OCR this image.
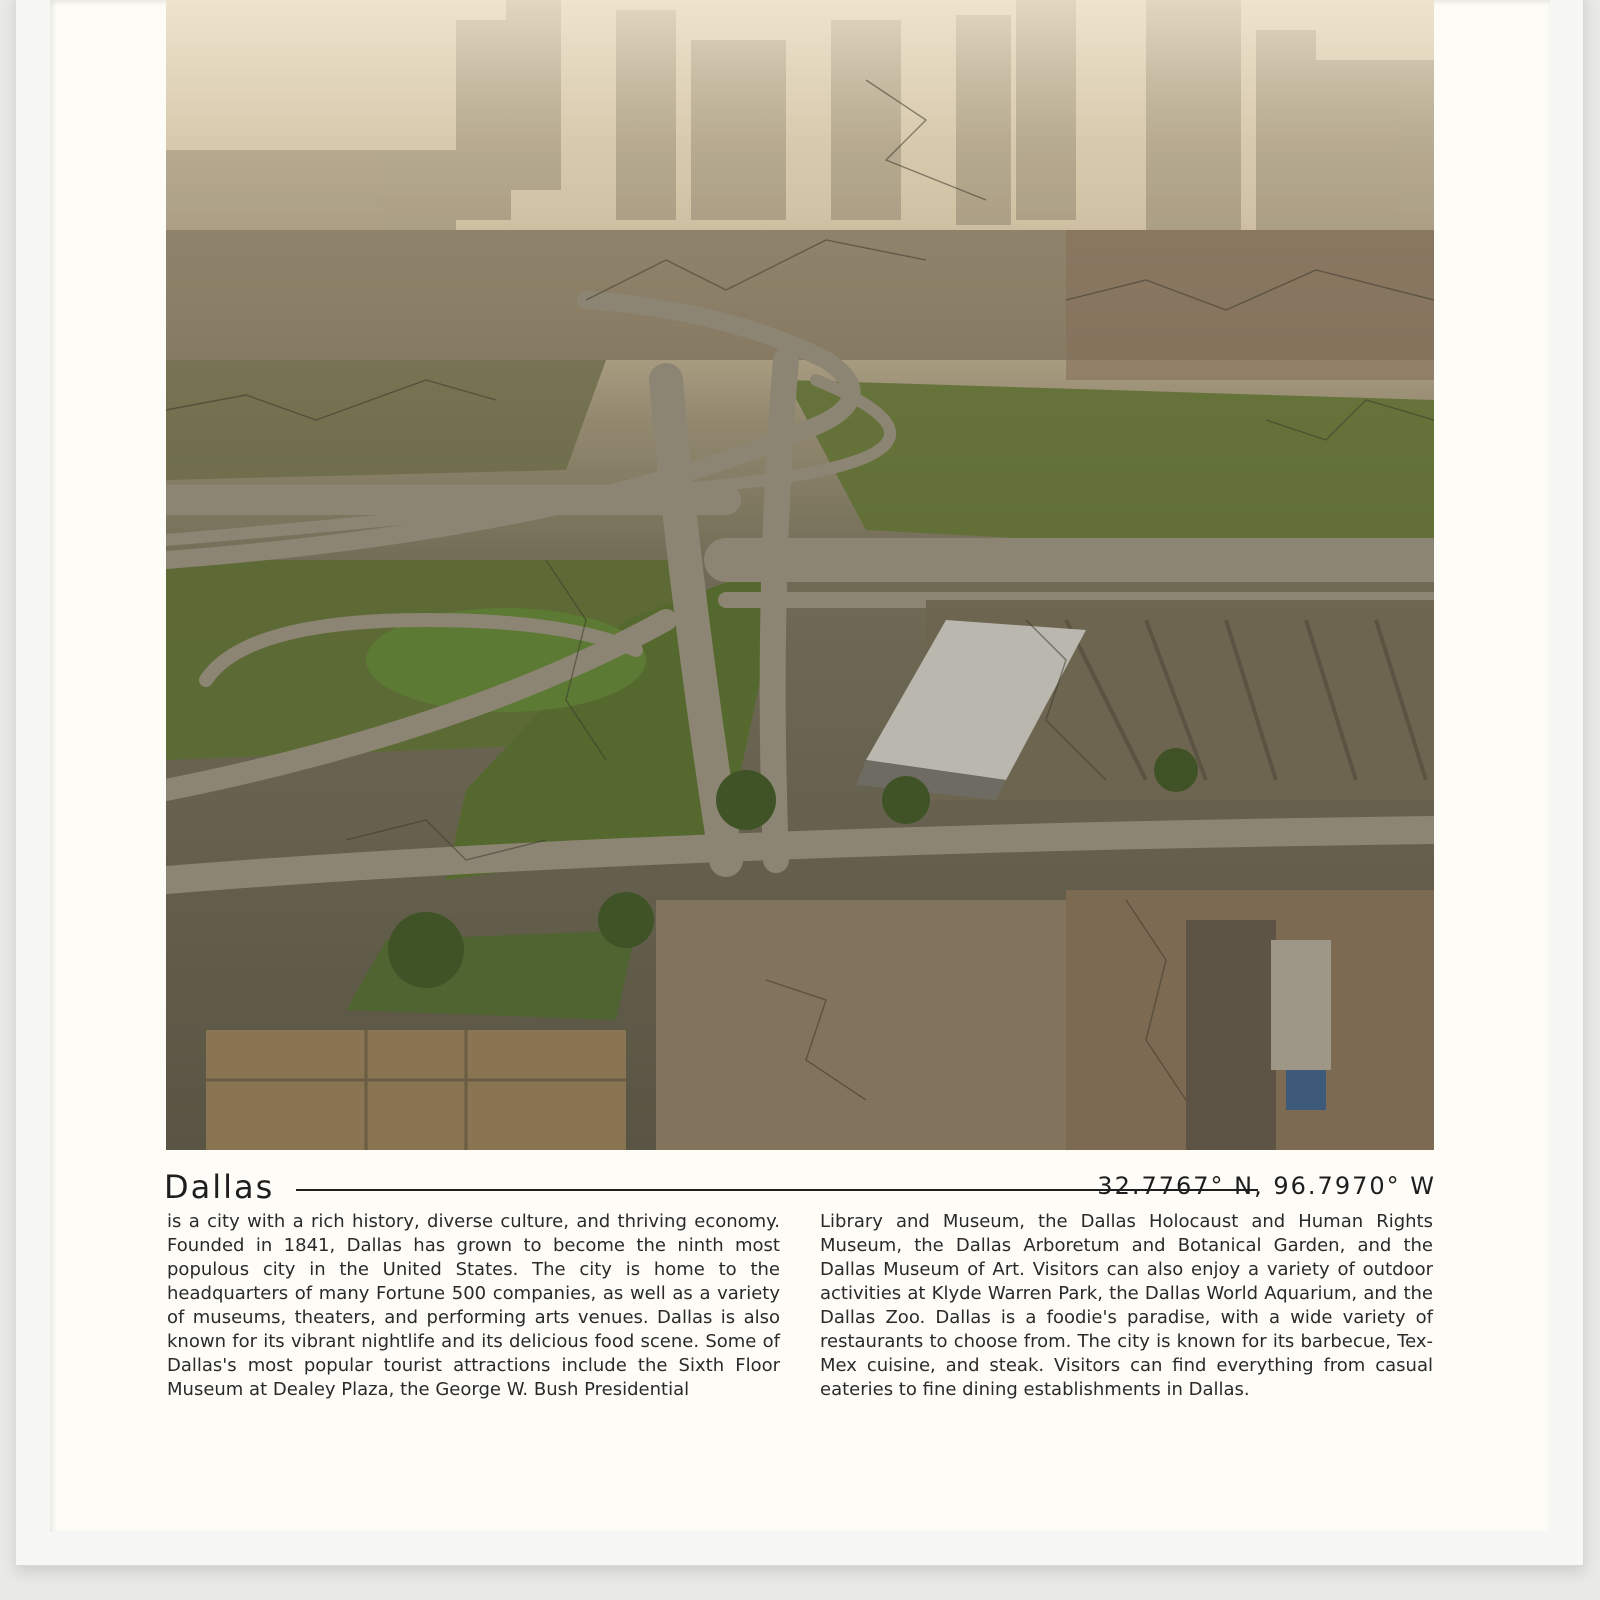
Dallas	32.7767° N, 96.7970° W
is a city with a rich history, diverse culture, and thriving economy. Founded in 1841, Dallas has grown to become the ninth most populous city in the United States. The city is home to the headquarters of many Fortune 500 companies, as well as a variety of museums, theaters, and performing arts venues. Dallas is also known for its vibrant nightlife and its delicious food scene. Some of Dallas's most popular tourist attractions include the Sixth Floor Museum at Dealey Plaza, the George W. Bush Presidential
Library and Museum, the Dallas Holocaust and Human Rights Museum, the Dallas Arboretum and Botanical Garden, and the Dallas Museum of Art. Visitors can also enjoy a variety of outdoor activities at Klyde Warren Park, the Dallas World Aquarium, and the Dallas Zoo. Dallas is a foodie's paradise, with a wide variety of restaurants to choose from. The city is known for its barbecue, Tex-Mex cuisine, and steak. Visitors can find everything from casual eateries to fine dining establishments in Dallas.
